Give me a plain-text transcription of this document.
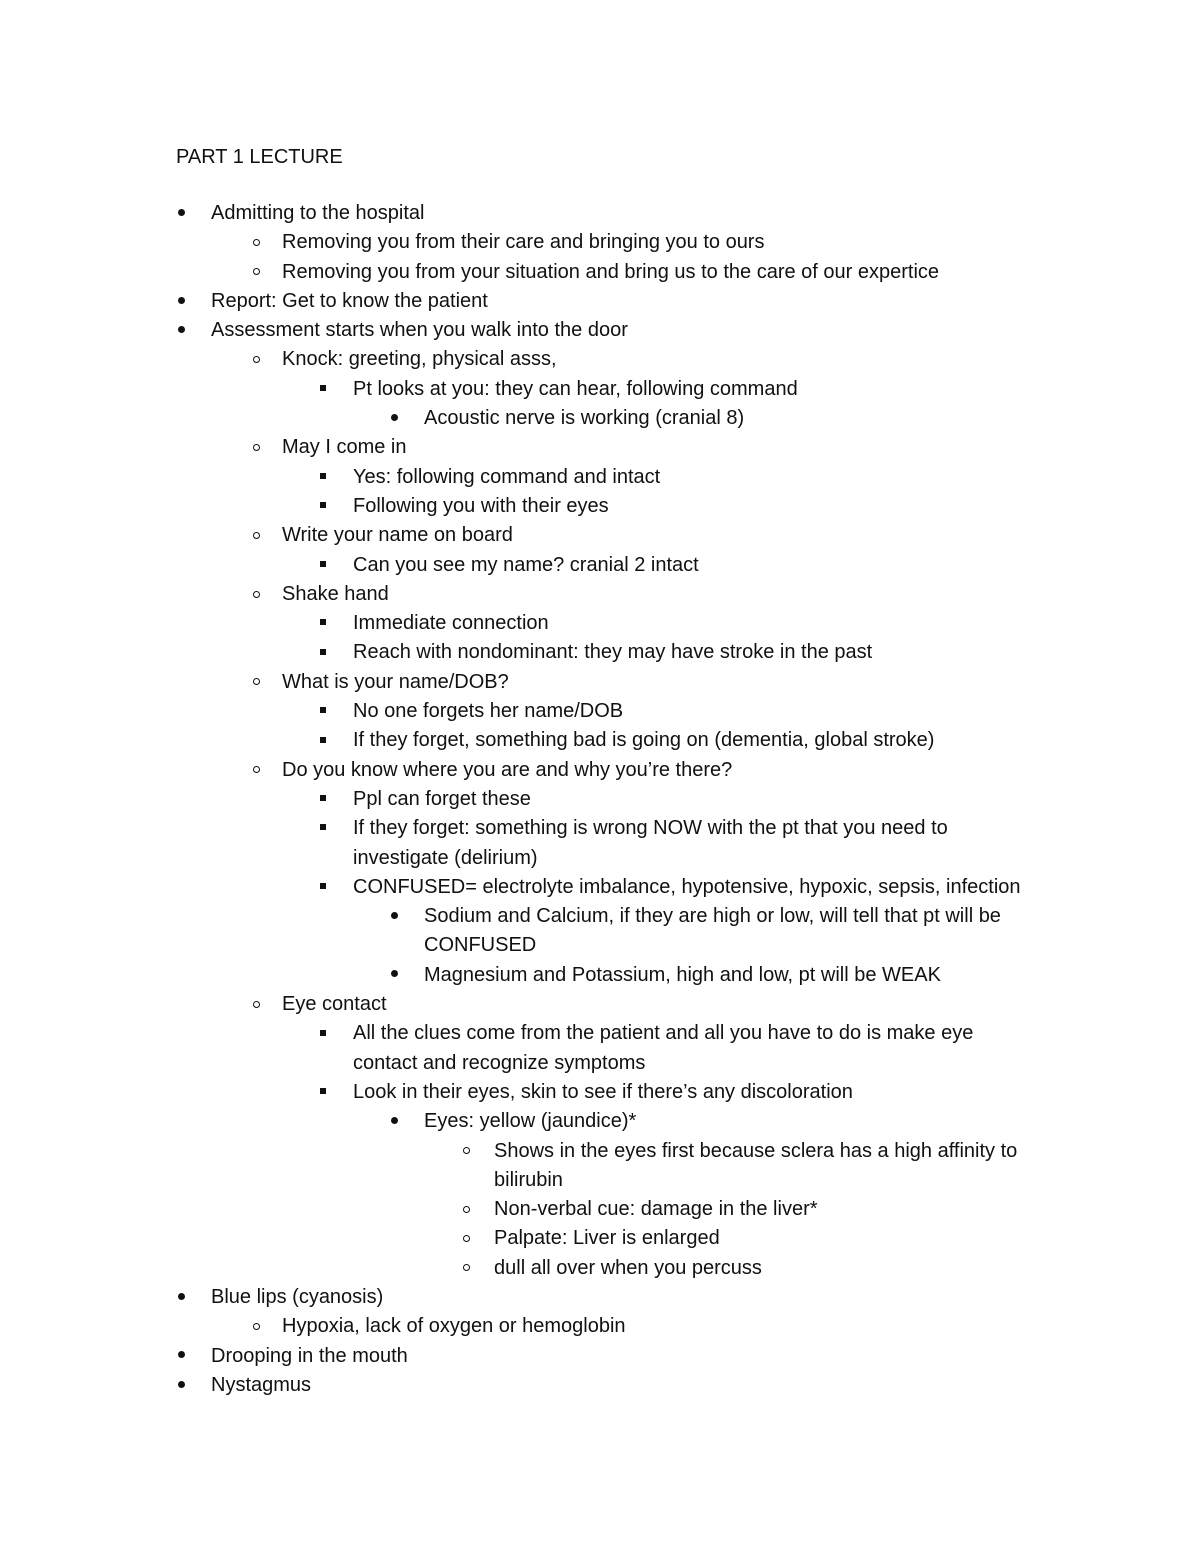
PART 1 LECTURE
Admitting to the hospital
Removing you from their care and bringing you to ours
Removing you from your situation and bring us to the care of our expertice
Report: Get to know the patient
Assessment starts when you walk into the door
Knock: greeting, physical asss,
Pt looks at you: they can hear, following command
Acoustic nerve is working (cranial 8)
May I come in
Yes: following command and intact
Following you with their eyes
Write your name on board
Can you see my name? cranial 2 intact
Shake hand
Immediate connection
Reach with nondominant: they may have stroke in the past
What is your name/DOB?
No one forgets her name/DOB
If they forget, something bad is going on (dementia, global stroke)
Do you know where you are and why you’re there?
Ppl can forget these
If they forget: something is wrong NOW with the pt that you need to
investigate (delirium)
CONFUSED= electrolyte imbalance, hypotensive, hypoxic, sepsis, infection
Sodium and Calcium, if they are high or low, will tell that pt will be
CONFUSED
Magnesium and Potassium, high and low, pt will be WEAK
Eye contact
All the clues come from the patient and all you have to do is make eye
contact and recognize symptoms
Look in their eyes, skin to see if there’s any discoloration
Eyes: yellow (jaundice)*
Shows in the eyes first because sclera has a high affinity to
bilirubin
Non-verbal cue: damage in the liver*
Palpate: Liver is enlarged
dull all over when you percuss
Blue lips (cyanosis)
Hypoxia, lack of oxygen or hemoglobin
Drooping in the mouth
Nystagmus
